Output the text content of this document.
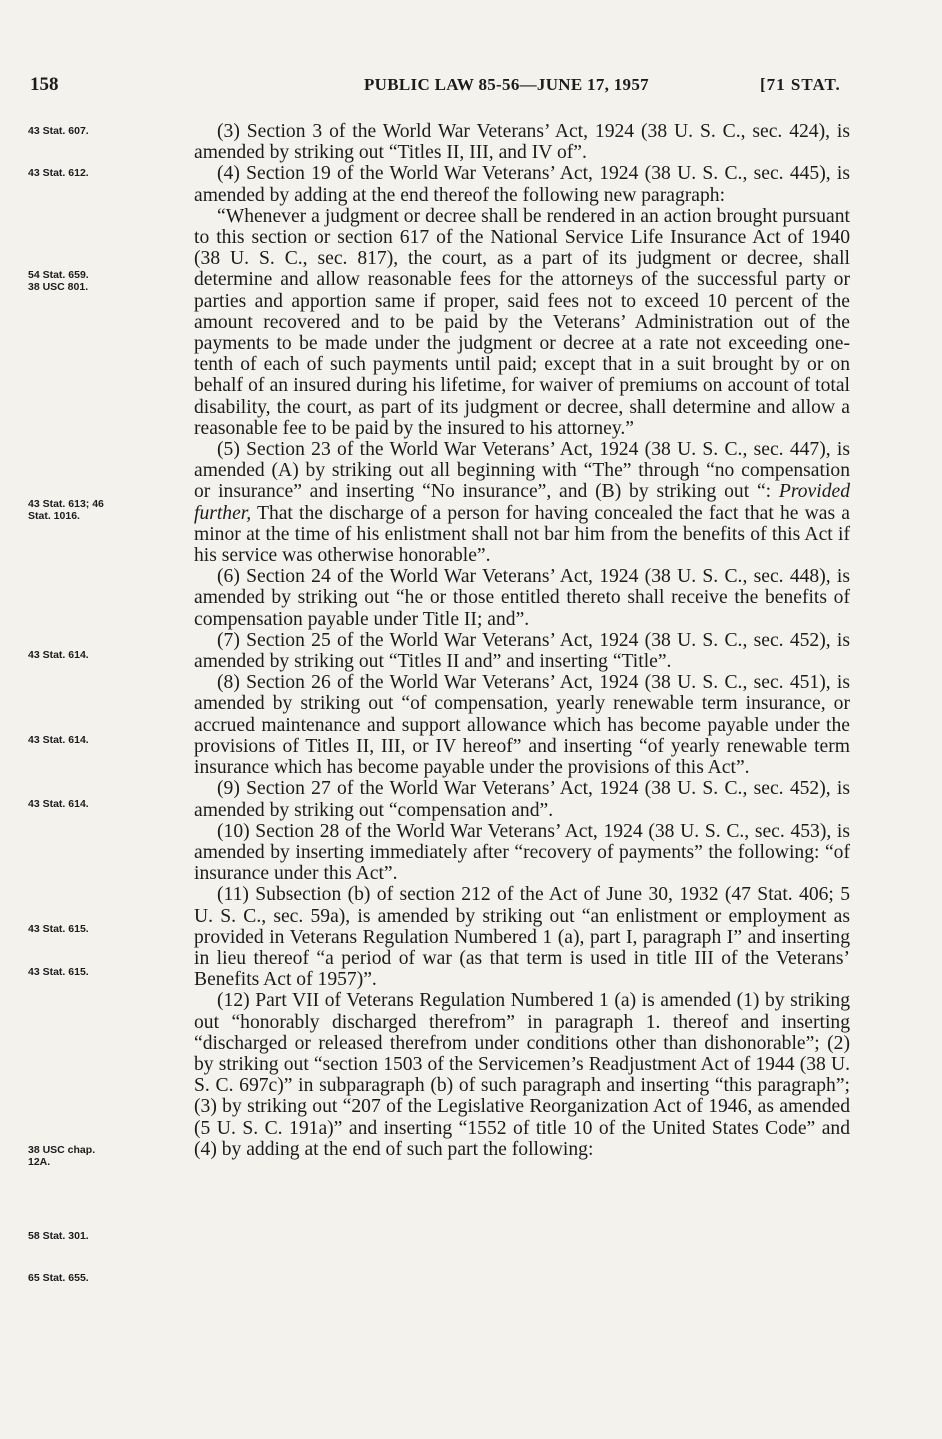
158	PUBLIC LAW 85-56—JUNE 17, 1957	[71 STAT.
43 Stat. 607.
43 Stat. 612.
54 Stat. 659.
38 USC 801.
43 Stat. 613; 46
Stat. 1016.
43 Stat. 614.
43 Stat. 614.
43 Stat. 614.
43 Stat. 615.
43 Stat. 615.
38 USC chap.
12A.
58 Stat. 301.
65 Stat. 655.

(3) Section 3 of the World War Veterans’ Act, 1924 (38 U. S. C., sec. 424), is amended by striking out “Titles II, III, and IV of”.

(4) Section 19 of the World War Veterans’ Act, 1924 (38 U. S. C., sec. 445), is amended by adding at the end thereof the following new paragraph:

“Whenever a judgment or decree shall be rendered in an action brought pursuant to this section or section 617 of the National Service Life Insurance Act of 1940 (38 U. S. C., sec. 817), the court, as a part of its judgment or decree, shall determine and allow reasonable fees for the attorneys of the successful party or parties and apportion same if proper, said fees not to exceed 10 percent of the amount recovered and to be paid by the Veterans’ Administration out of the payments to be made under the judgment or decree at a rate not exceeding one-tenth of each of such payments until paid; except that in a suit brought by or on behalf of an insured during his lifetime, for waiver of premiums on account of total disability, the court, as part of its judgment or decree, shall determine and allow a reasonable fee to be paid by the insured to his attorney.”

(5) Section 23 of the World War Veterans’ Act, 1924 (38 U. S. C., sec. 447), is amended (A) by striking out all beginning with “The” through “no compensation or insurance” and inserting “No insurance”, and (B) by striking out “: Provided further, That the discharge of a person for having concealed the fact that he was a minor at the time of his enlistment shall not bar him from the benefits of this Act if his service was otherwise honorable”.

(6) Section 24 of the World War Veterans’ Act, 1924 (38 U. S. C., sec. 448), is amended by striking out “he or those entitled thereto shall receive the benefits of compensation payable under Title II; and”.

(7) Section 25 of the World War Veterans’ Act, 1924 (38 U. S. C., sec. 452), is amended by striking out “Titles II and” and inserting “Title”.

(8) Section 26 of the World War Veterans’ Act, 1924 (38 U. S. C., sec. 451), is amended by striking out “of compensation, yearly renewable term insurance, or accrued maintenance and support allowance which has become payable under the provisions of Titles II, III, or IV hereof” and inserting “of yearly renewable term insurance which has become payable under the provisions of this Act”.

(9) Section 27 of the World War Veterans’ Act, 1924 (38 U. S. C., sec. 452), is amended by striking out “compensation and”.

(10) Section 28 of the World War Veterans’ Act, 1924 (38 U. S. C., sec. 453), is amended by inserting immediately after “recovery of payments” the following: “of insurance under this Act”.

(11) Subsection (b) of section 212 of the Act of June 30, 1932 (47 Stat. 406; 5 U. S. C., sec. 59a), is amended by striking out “an enlistment or employment as provided in Veterans Regulation Numbered 1 (a), part I, paragraph I” and inserting in lieu thereof “a period of war (as that term is used in title III of the Veterans’ Benefits Act of 1957)”.

(12) Part VII of Veterans Regulation Numbered 1 (a) is amended (1) by striking out “honorably discharged therefrom” in paragraph 1. thereof and inserting “discharged or released therefrom under conditions other than dishonorable”; (2) by striking out “section 1503 of the Servicemen’s Readjustment Act of 1944 (38 U. S. C. 697c)” in subparagraph (b) of such paragraph and inserting “this paragraph”; (3) by striking out “207 of the Legislative Reorganization Act of 1946, as amended (5 U. S. C. 191a)” and inserting “1552 of title 10 of the United States Code” and (4) by adding at the end of such part the following:
